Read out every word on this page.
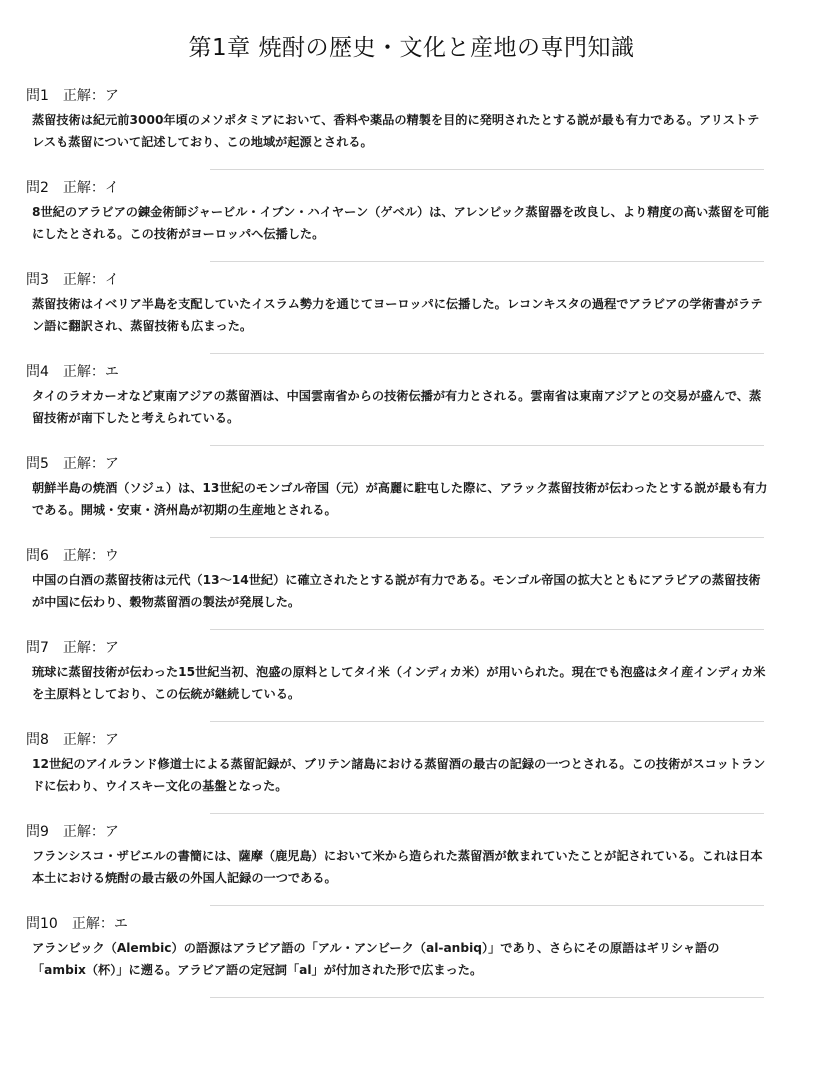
第1章 焼酎の歴史・文化と産地の専門知識
問1 正解：ア
蒸留技術は紀元前3000年頃のメソポタミアにおいて、香料や薬品の精製を目的に発明されたとする説が最も有力である。アリストテレスも蒸留について記述しており、この地域が起源とされる。
問2 正解：イ
8世紀のアラビアの錬金術師ジャービル・イブン・ハイヤーン（ゲベル）は、アレンビック蒸留器を改良し、より精度の高い蒸留を可能にしたとされる。この技術がヨーロッパへ伝播した。
問3 正解：イ
蒸留技術はイベリア半島を支配していたイスラム勢力を通じてヨーロッパに伝播した。レコンキスタの過程でアラビアの学術書がラテン語に翻訳され、蒸留技術も広まった。
問4 正解：エ
タイのラオカーオなど東南アジアの蒸留酒は、中国雲南省からの技術伝播が有力とされる。雲南省は東南アジアとの交易が盛んで、蒸留技術が南下したと考えられている。
問5 正解：ア
朝鮮半島の焼酒（ソジュ）は、13世紀のモンゴル帝国（元）が高麗に駐屯した際に、アラック蒸留技術が伝わったとする説が最も有力である。開城・安東・済州島が初期の生産地とされる。
問6 正解：ウ
中国の白酒の蒸留技術は元代（13〜14世紀）に確立されたとする説が有力である。モンゴル帝国の拡大とともにアラビアの蒸留技術が中国に伝わり、穀物蒸留酒の製法が発展した。
問7 正解：ア
琉球に蒸留技術が伝わった15世紀当初、泡盛の原料としてタイ米（インディカ米）が用いられた。現在でも泡盛はタイ産インディカ米を主原料としており、この伝統が継続している。
問8 正解：ア
12世紀のアイルランド修道士による蒸留記録が、ブリテン諸島における蒸留酒の最古の記録の一つとされる。この技術がスコットランドに伝わり、ウイスキー文化の基盤となった。
問9 正解：ア
フランシスコ・ザビエルの書簡には、薩摩（鹿児島）において米から造られた蒸留酒が飲まれていたことが記されている。これは日本本土における焼酎の最古級の外国人記録の一つである。
問10 正解：エ
アランビック（Alembic）の語源はアラビア語の「アル・アンビーク（al-anbiq）」であり、さらにその原語はギリシャ語の「ambix（杯）」に遡る。アラビア語の定冠詞「al」が付加された形で広まった。
